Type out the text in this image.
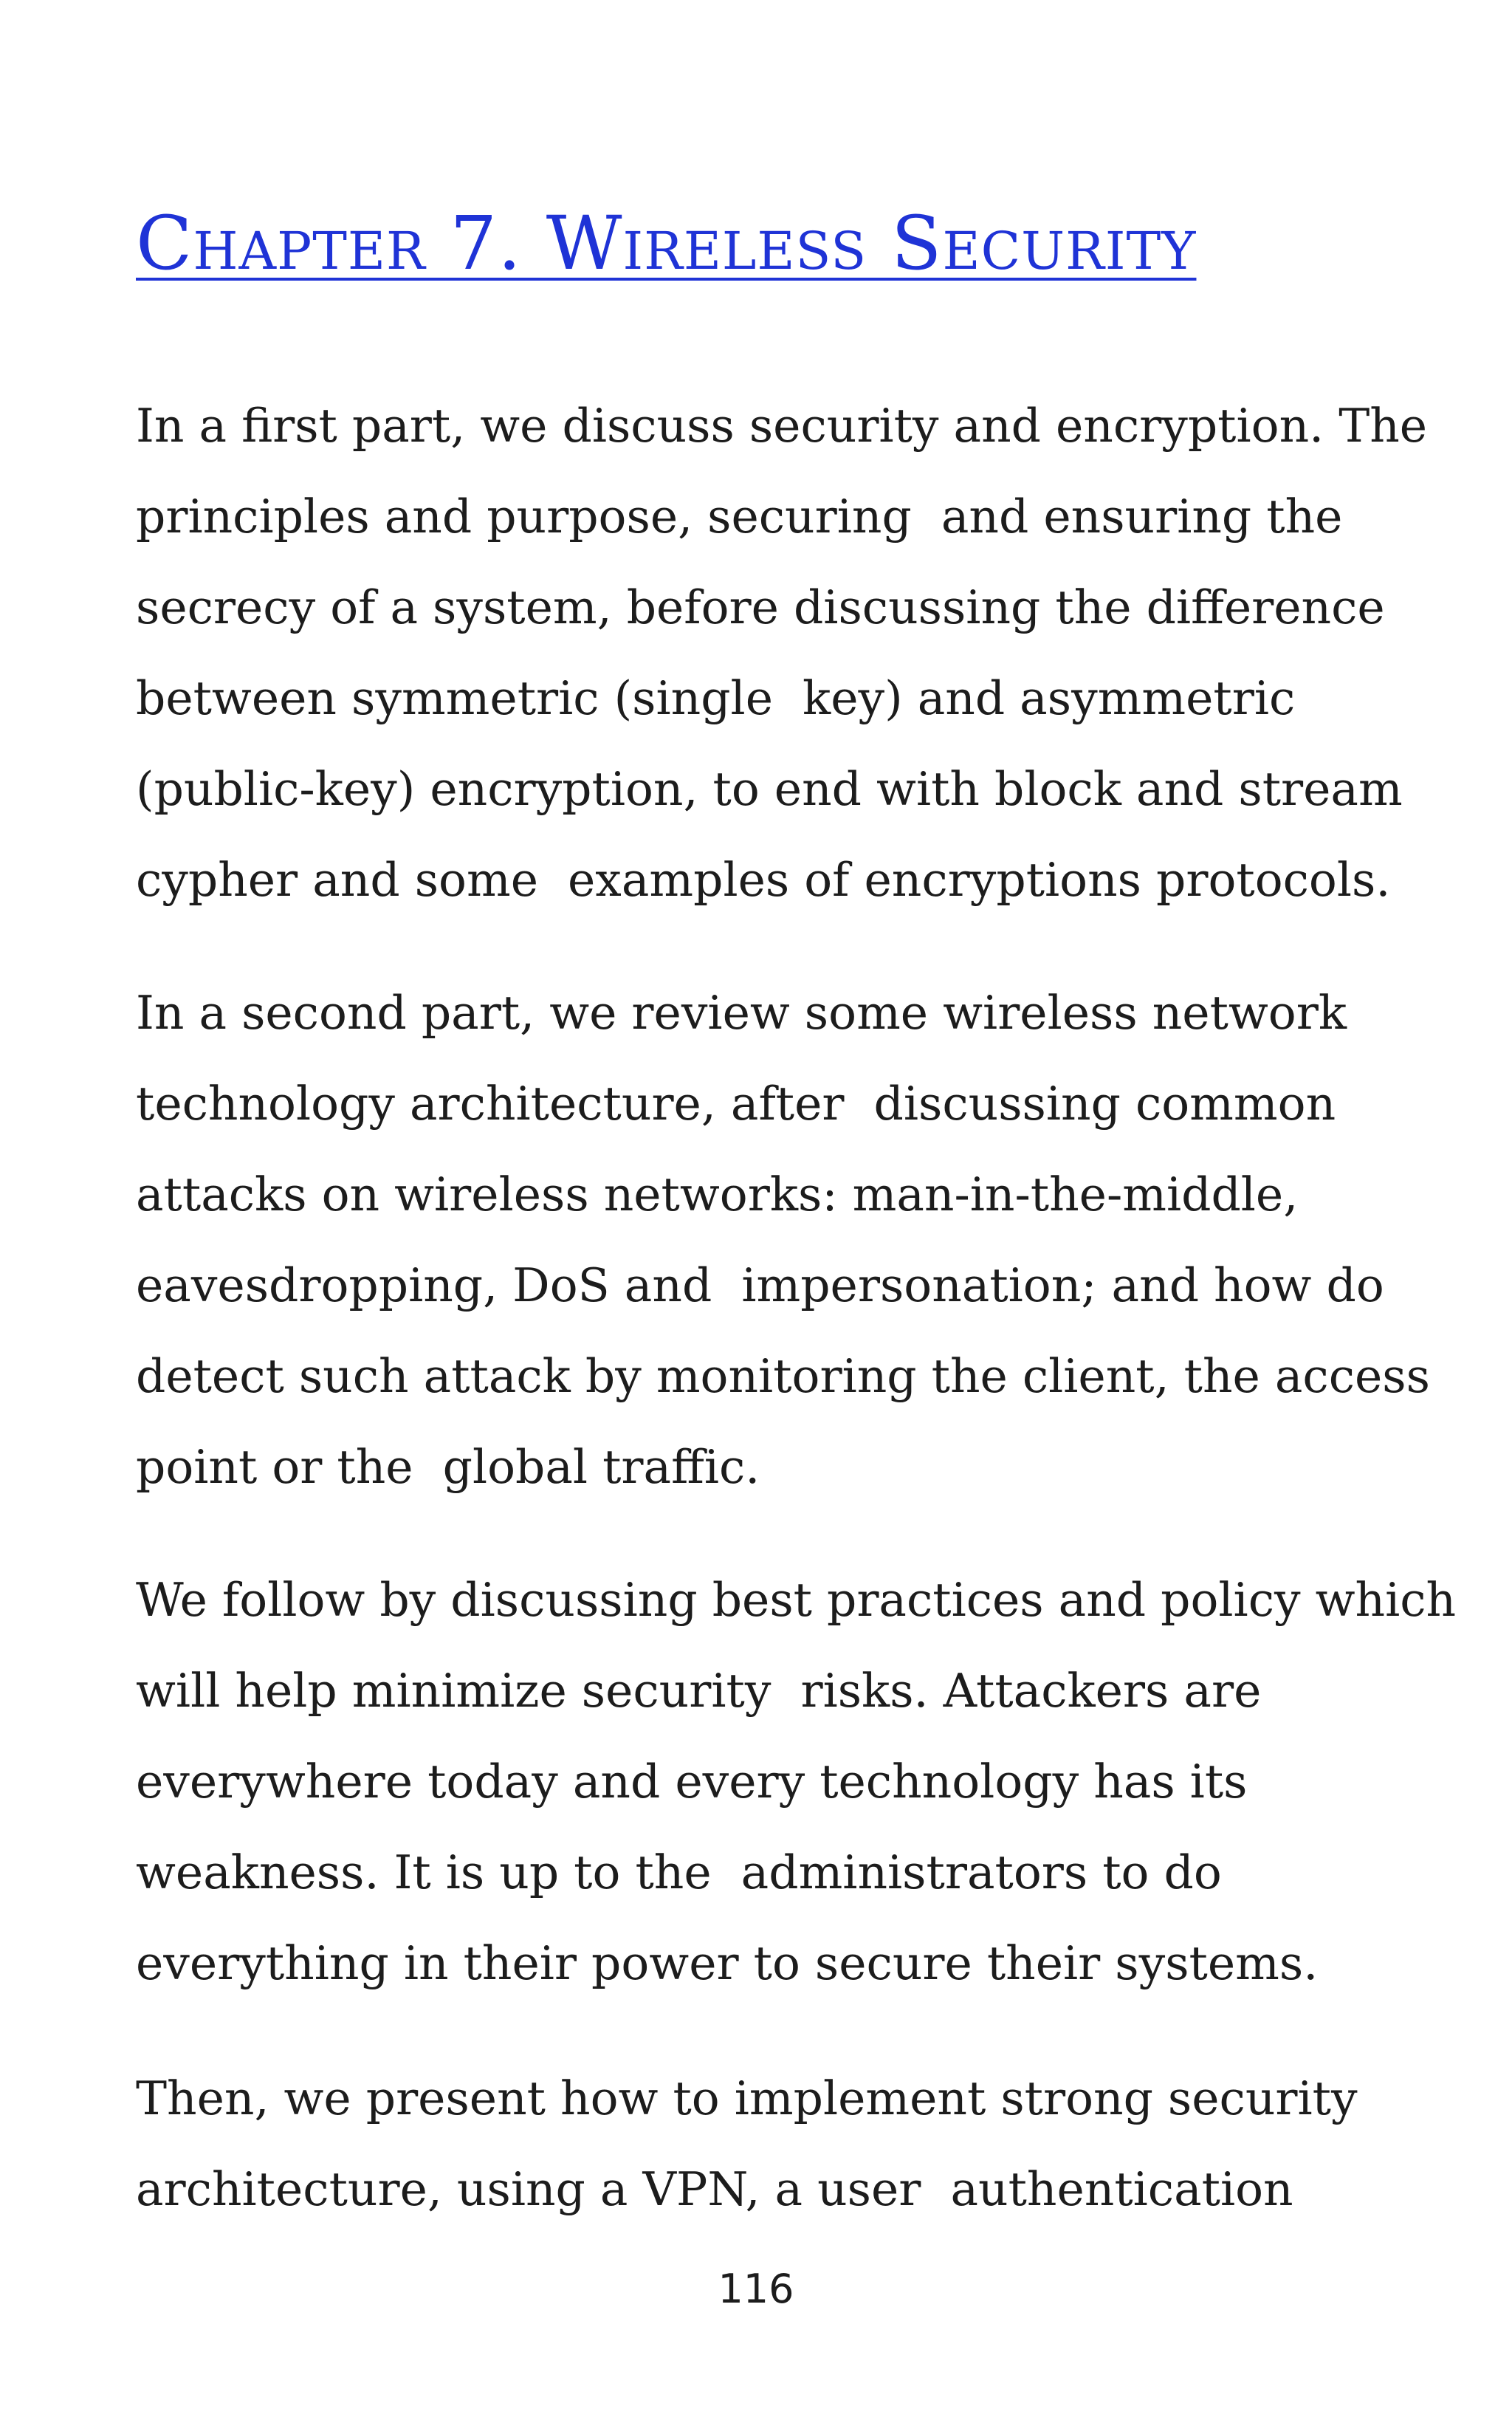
Chapter 7. Wireless Security
In a first part, we discuss security and encryption. The
principles and purpose, securing  and ensuring the
secrecy of a system, before discussing the difference
between symmetric (single  key) and asymmetric
(public-key) encryption, to end with block and stream
cypher and some  examples of encryptions protocols.
In a second part, we review some wireless network
technology architecture, after  discussing common
attacks on wireless networks: man-in-the-middle,
eavesdropping, DoS and  impersonation; and how do
detect such attack by monitoring the client, the access
point or the  global traffic.
We follow by discussing best practices and policy which
will help minimize security  risks. Attackers are
everywhere today and every technology has its
weakness. It is up to the  administrators to do
everything in their power to secure their systems.
Then, we present how to implement strong security
architecture, using a VPN, a user  authentication
116
